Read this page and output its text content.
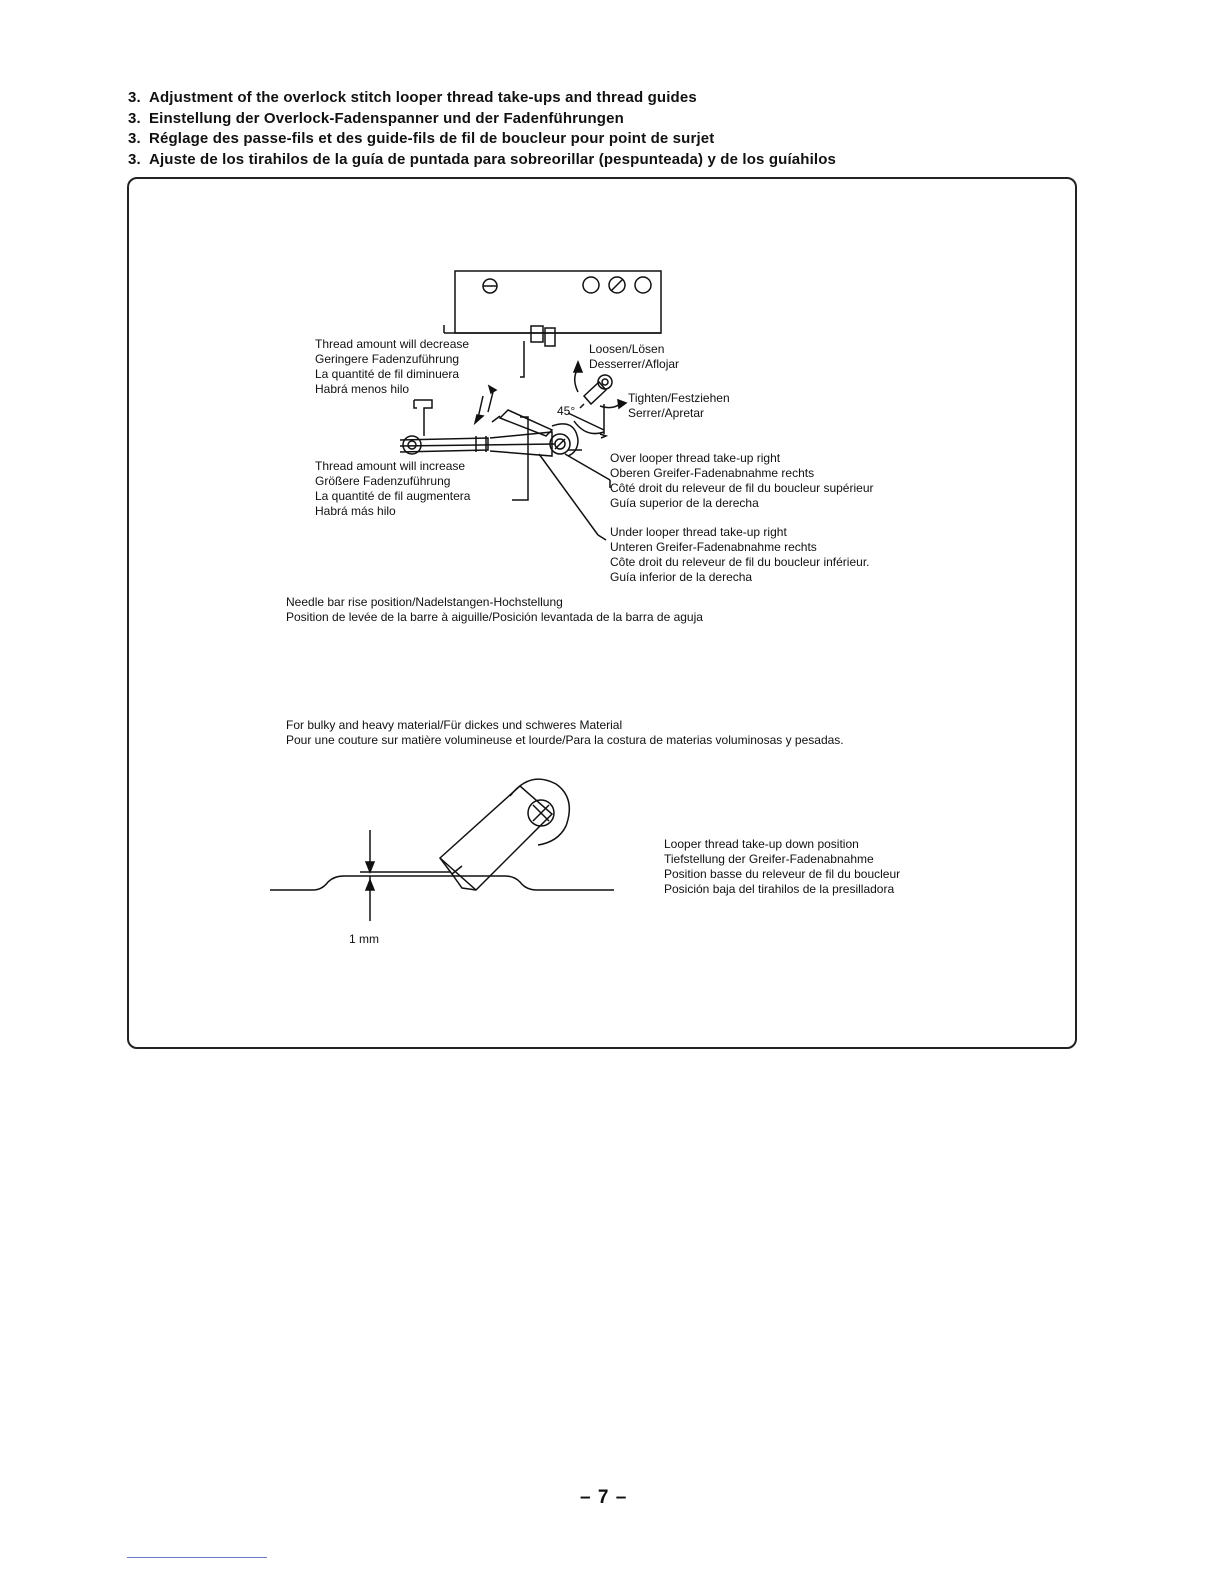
3. Adjustment of the overlock stitch looper thread take-ups and thread guides
3. Einstellung der Overlock-Fadenspanner und der Fadenführungen
3. Réglage des passe-fils et des guide-fils de fil de boucleur pour point de surjet
3. Ajuste de los tirahilos de la guía de puntada para sobreorillar (pespunteada) y de los guíahilos
Thread amount will decrease
Geringere Fadenzuführung
La quantité de fil diminuera
Habrá menos hilo
Thread amount will increase
Größere Fadenzuführung
La quantité de fil augmentera
Habrá más hilo
Loosen/Lösen
Desserrer/Aflojar
Tighten/Festziehen
Serrer/Apretar
45°
Over looper thread take-up right
Oberen Greifer-Fadenabnahme rechts
Côté droit du releveur de fil du boucleur supérieur
Guía superior de la derecha
Under looper thread take-up right
Unteren Greifer-Fadenabnahme rechts
Côte droit du releveur de fil du boucleur inférieur.
Guía inferior de la derecha
Needle bar rise position/Nadelstangen-Hochstellung
Position de levée de la barre à aiguille/Posición levantada de la barra de aguja
For bulky and heavy material/Für dickes und schweres Material
Pour une couture sur matière volumineuse et lourde/Para la costura de materias voluminosas y pesadas.
Looper thread take-up down position
Tiefstellung der Greifer-Fadenabnahme
Position basse du releveur de fil du boucleur
Posición baja del tirahilos de la presilladora
1 mm
– 7 –
